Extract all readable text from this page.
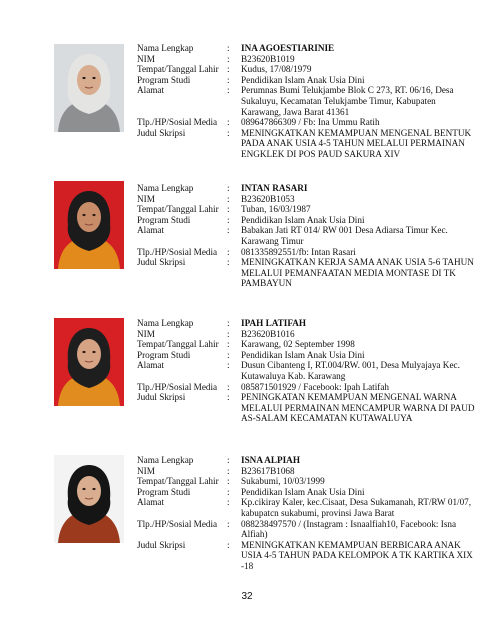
Nama Lengkap	:	INA AGOESTIARINIE
NIM	:	B23620B1019
Tempat/Tanggal Lahir :	Kudus, 17/08/1979
Program Studi	:	Pendidikan Islam Anak Usia Dini
Alamat	:	Perumnas Bumi Telukjambe Blok C 273, RT. 06/16, Desa Sukaluyu, Kecamatan Telukjambe Timur, Kabupaten Karawang, Jawa Barat 41361
Tlp./HP/Sosial Media	:	089647866309 / Fb: Ina Ummu Ratih
Judul Skripsi	:	MENINGKATKAN KEMAMPUAN MENGENAL BENTUK PADA ANAK USIA 4-5 TAHUN MELALUI PERMAINAN ENGKLEK DI POS PAUD SAKURA XIV
Nama Lengkap	:	INTAN RASARI
NIM	:	B23620B1053
Tempat/Tanggal Lahir :	Tuban, 16/03/1987
Program Studi	:	Pendidikan Islam Anak Usia Dini
Alamat	:	Babakan Jati RT 014/ RW 001 Desa Adiarsa Timur Kec. Karawang Timur
Tlp./HP/Sosial Media	:	081335892551/fb: Intan Rasari
Judul Skripsi	:	MENINGKATKAN KERJA SAMA ANAK USIA 5-6 TAHUN MELALUI PEMANFAATAN MEDIA MONTASE DI TK PAMBAYUN
Nama Lengkap	:	IPAH LATIFAH
NIM	:	B23620B1016
Tempat/Tanggal Lahir :	Karawang, 02 September 1998
Program Studi	:	Pendidikan Islam Anak Usia Dini
Alamat	:	Dusun Cibanteng I, RT.004/RW. 001, Desa Mulyajaya Kec. Kutawaluya Kab. Karawang
Tlp./HP/Sosial Media	:	085871501929 / Facebook: Ipah Latifah
Judul Skripsi	:	PENINGKATAN KEMAMPUAN MENGENAL WARNA MELALUI PERMAINAN MENCAMPUR WARNA DI PAUD AS-SALAM KECAMATAN KUTAWALUYA
Nama Lengkap	:	ISNA ALPIAH
NIM	:	B23617B1068
Tempat/Tanggal Lahir :	Sukabumi, 10/03/1999
Program Studi	:	Pendidikan Islam Anak Usia Dini
Alamat	:	Kp.cikiray Kaler, kec.Cisaat, Desa Sukamanah, RT/RW 01/07, kabupatcn sukabumi, provinsi Jawa Barat
Tlp./HP/Sosial Media	:	088238497570 / (Instagram : Isnaalfiah10, Facebook: Isna Alfiah)
Judul Skripsi	:	MENINGKATKAN KEMAMPUAN BERBICARA ANAK USIA 4-5 TAHUN PADA KELOMPOK A TK KARTIKA XIX -18
32
